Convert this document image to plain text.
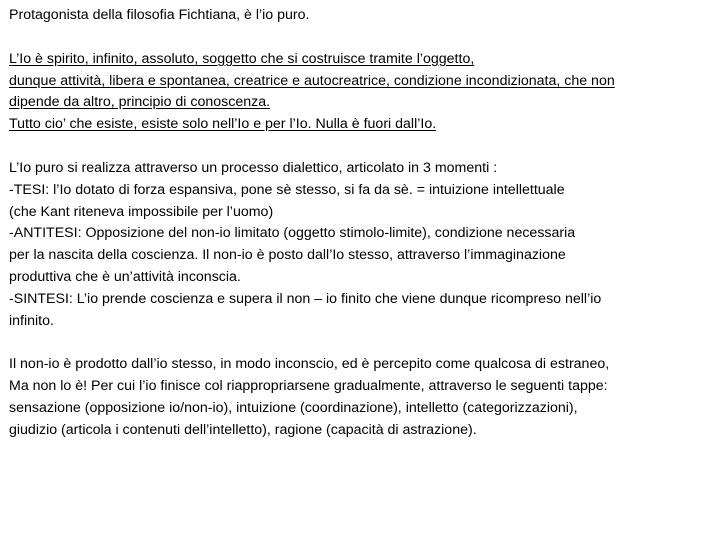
Protagonista della filosofia Fichtiana, è l’io puro.
L’Io è spirito, infinito, assoluto, soggetto che si costruisce tramite l’oggetto,
dunque attività, libera e spontanea, creatrice e autocreatrice, condizione incondizionata, che non
dipende da altro, principio di conoscenza.
Tutto cio’ che esiste, esiste solo nell’Io e per l’Io. Nulla è fuori dall’Io.
L’Io puro si realizza attraverso un processo dialettico, articolato in 3 momenti :
-TESI: l’Io dotato di forza espansiva, pone sè stesso, si fa da sè. = intuizione intellettuale
(che Kant riteneva impossibile per l’uomo)
-ANTITESI: Opposizione del non-io limitato (oggetto stimolo-limite), condizione necessaria
per la nascita della coscienza. Il non-io è posto dall’Io stesso, attraverso l’immaginazione
produttiva che è un’attività inconscia.
-SINTESI: L’io prende coscienza e supera il non – io finito che viene dunque ricompreso nell’io
infinito.
Il non-io è prodotto dall’io stesso, in modo inconscio, ed è percepito come qualcosa di estraneo,
Ma non lo è! Per cui l’io finisce col riappropriarsene gradualmente, attraverso le seguenti tappe:
sensazione (opposizione io/non-io), intuizione (coordinazione), intelletto (categorizzazioni),
giudizio (articola i contenuti dell’intelletto), ragione (capacità di astrazione).
